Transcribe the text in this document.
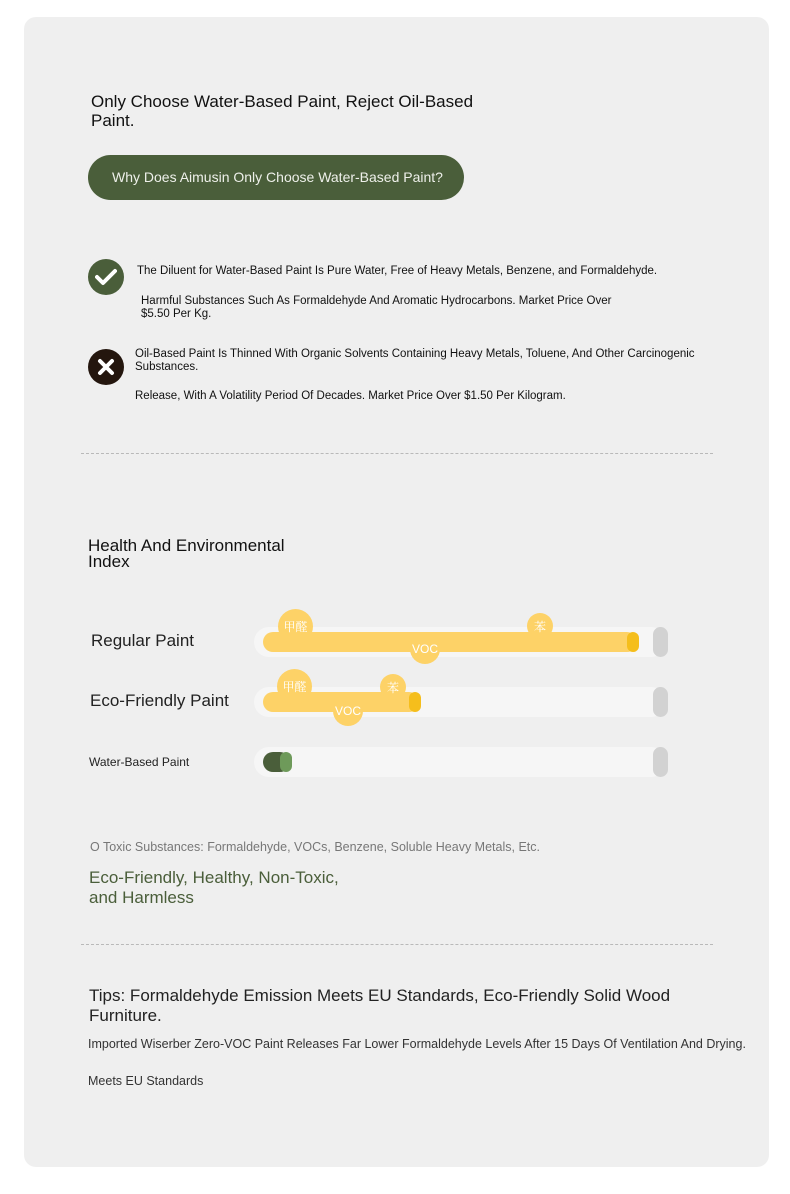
Only Choose Water-Based Paint, Reject Oil-Based Paint.
Why Does Aimusin Only Choose Water-Based Paint?
The Diluent for Water-Based Paint Is Pure Water, Free of Heavy Metals, Benzene, and Formaldehyde.
Harmful Substances Such As Formaldehyde And Aromatic Hydrocarbons. Market Price Over $5.50 Per Kg.
Oil-Based Paint Is Thinned With Organic Solvents Containing Heavy Metals, Toluene, And Other Carcinogenic Substances.
Release, With A Volatility Period Of Decades. Market Price Over $1.50 Per Kilogram.
Health And Environmental Index
Regular Paint
甲醛
VOC
苯
Eco-Friendly Paint
甲醛
VOC
苯
Water-Based Paint
O Toxic Substances: Formaldehyde, VOCs, Benzene, Soluble Heavy Metals, Etc.
Eco-Friendly, Healthy, Non-Toxic, and Harmless
Tips: Formaldehyde Emission Meets EU Standards, Eco-Friendly Solid Wood Furniture.
Imported Wiserber Zero-VOC Paint Releases Far Lower Formaldehyde Levels After 15 Days Of Ventilation And Drying.
Meets EU Standards
